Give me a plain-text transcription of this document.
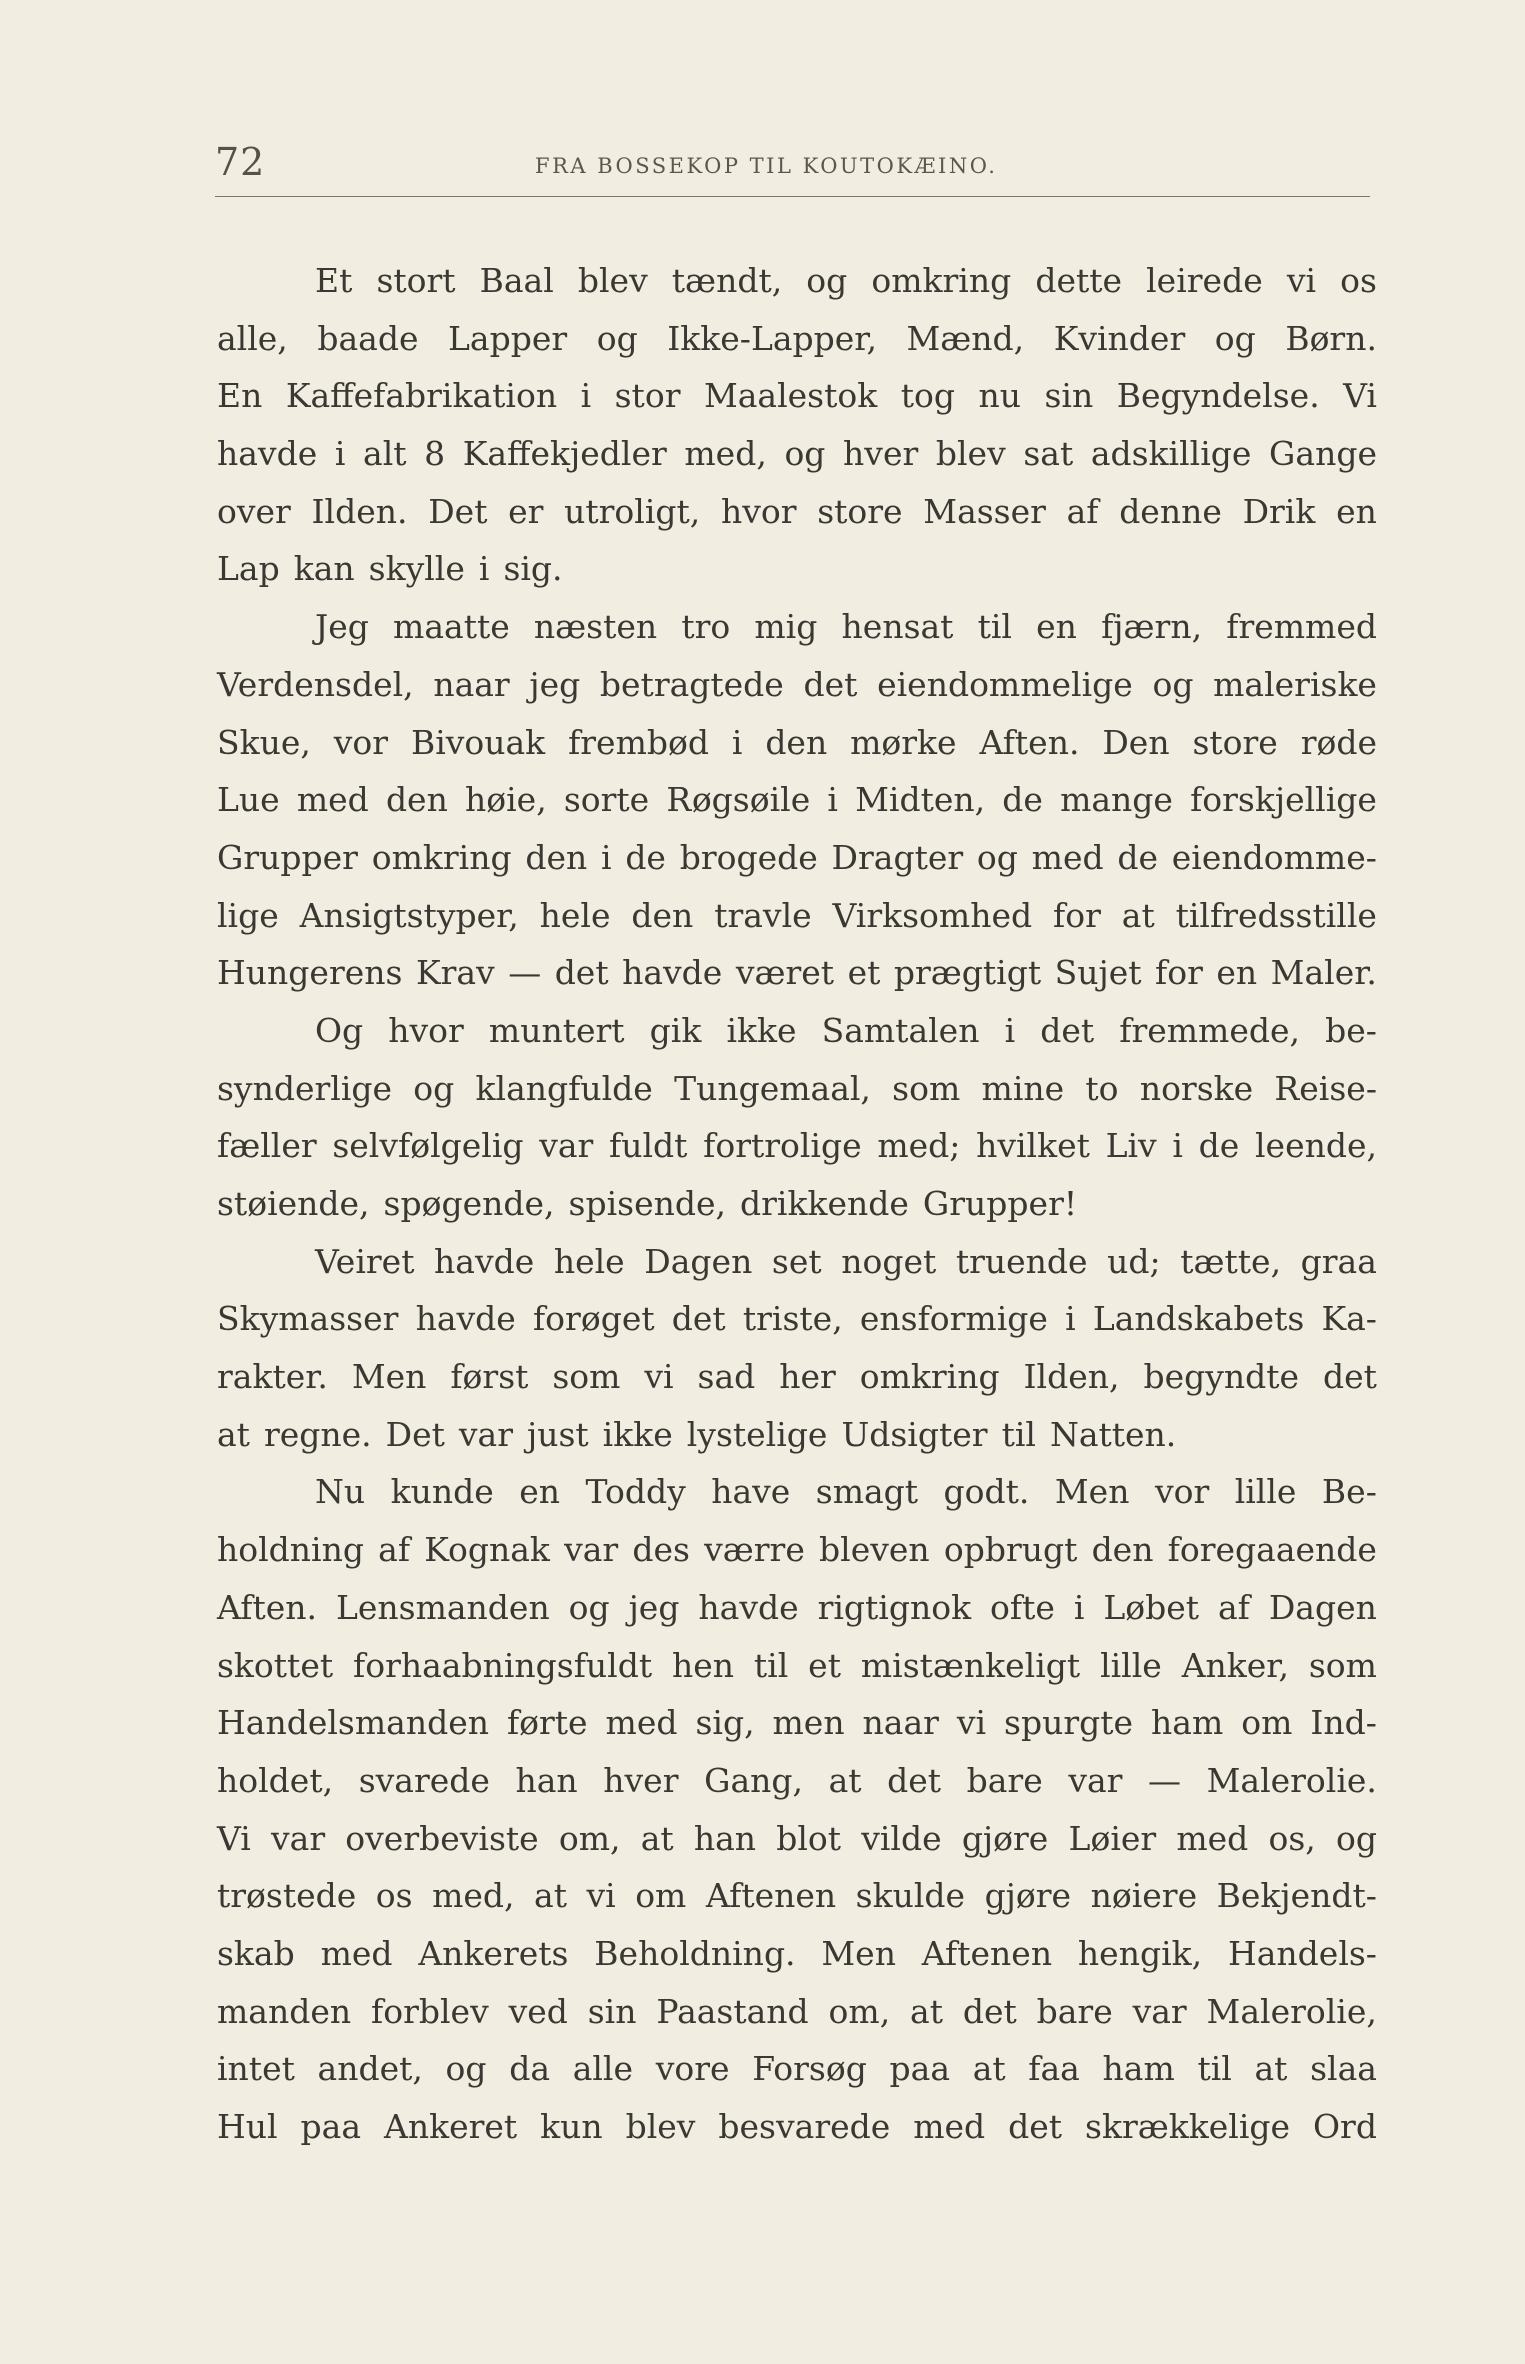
72	FRA BOSSEKOP TIL KOUTOKÆINO.
Et stort Baal blev tændt, og omkring dette leirede vi os
alle, baade Lapper og Ikke-Lapper, Mænd, Kvinder og Børn.
En Kaffefabrikation i stor Maalestok tog nu sin Begyndelse. Vi
havde i alt 8 Kaffekjedler med, og hver blev sat adskillige Gange
over Ilden. Det er utroligt, hvor store Masser af denne Drik en
Lap kan skylle i sig.
Jeg maatte næsten tro mig hensat til en fjærn, fremmed
Verdensdel, naar jeg betragtede det eiendommelige og maleriske
Skue, vor Bivouak frembød i den mørke Aften. Den store røde
Lue med den høie, sorte Røgsøile i Midten, de mange forskjellige
Grupper omkring den i de brogede Dragter og med de eiendomme-
lige Ansigtstyper, hele den travle Virksomhed for at tilfredsstille
Hungerens Krav — det havde været et prægtigt Sujet for en Maler.
Og hvor muntert gik ikke Samtalen i det fremmede, be-
synderlige og klangfulde Tungemaal, som mine to norske Reise-
fæller selvfølgelig var fuldt fortrolige med; hvilket Liv i de leende,
støiende, spøgende, spisende, drikkende Grupper!
Veiret havde hele Dagen set noget truende ud; tætte, graa
Skymasser havde forøget det triste, ensformige i Landskabets Ka-
rakter. Men først som vi sad her omkring Ilden, begyndte det
at regne. Det var just ikke lystelige Udsigter til Natten.
Nu kunde en Toddy have smagt godt. Men vor lille Be-
holdning af Kognak var des værre bleven opbrugt den foregaaende
Aften. Lensmanden og jeg havde rigtignok ofte i Løbet af Dagen
skottet forhaabningsfuldt hen til et mistænkeligt lille Anker, som
Handelsmanden førte med sig, men naar vi spurgte ham om Ind-
holdet, svarede han hver Gang, at det bare var — Malerolie.
Vi var overbeviste om, at han blot vilde gjøre Løier med os, og
trøstede os med, at vi om Aftenen skulde gjøre nøiere Bekjendt-
skab med Ankerets Beholdning. Men Aftenen hengik, Handels-
manden forblev ved sin Paastand om, at det bare var Malerolie,
intet andet, og da alle vore Forsøg paa at faa ham til at slaa
Hul paa Ankeret kun blev besvarede med det skrækkelige Ord
